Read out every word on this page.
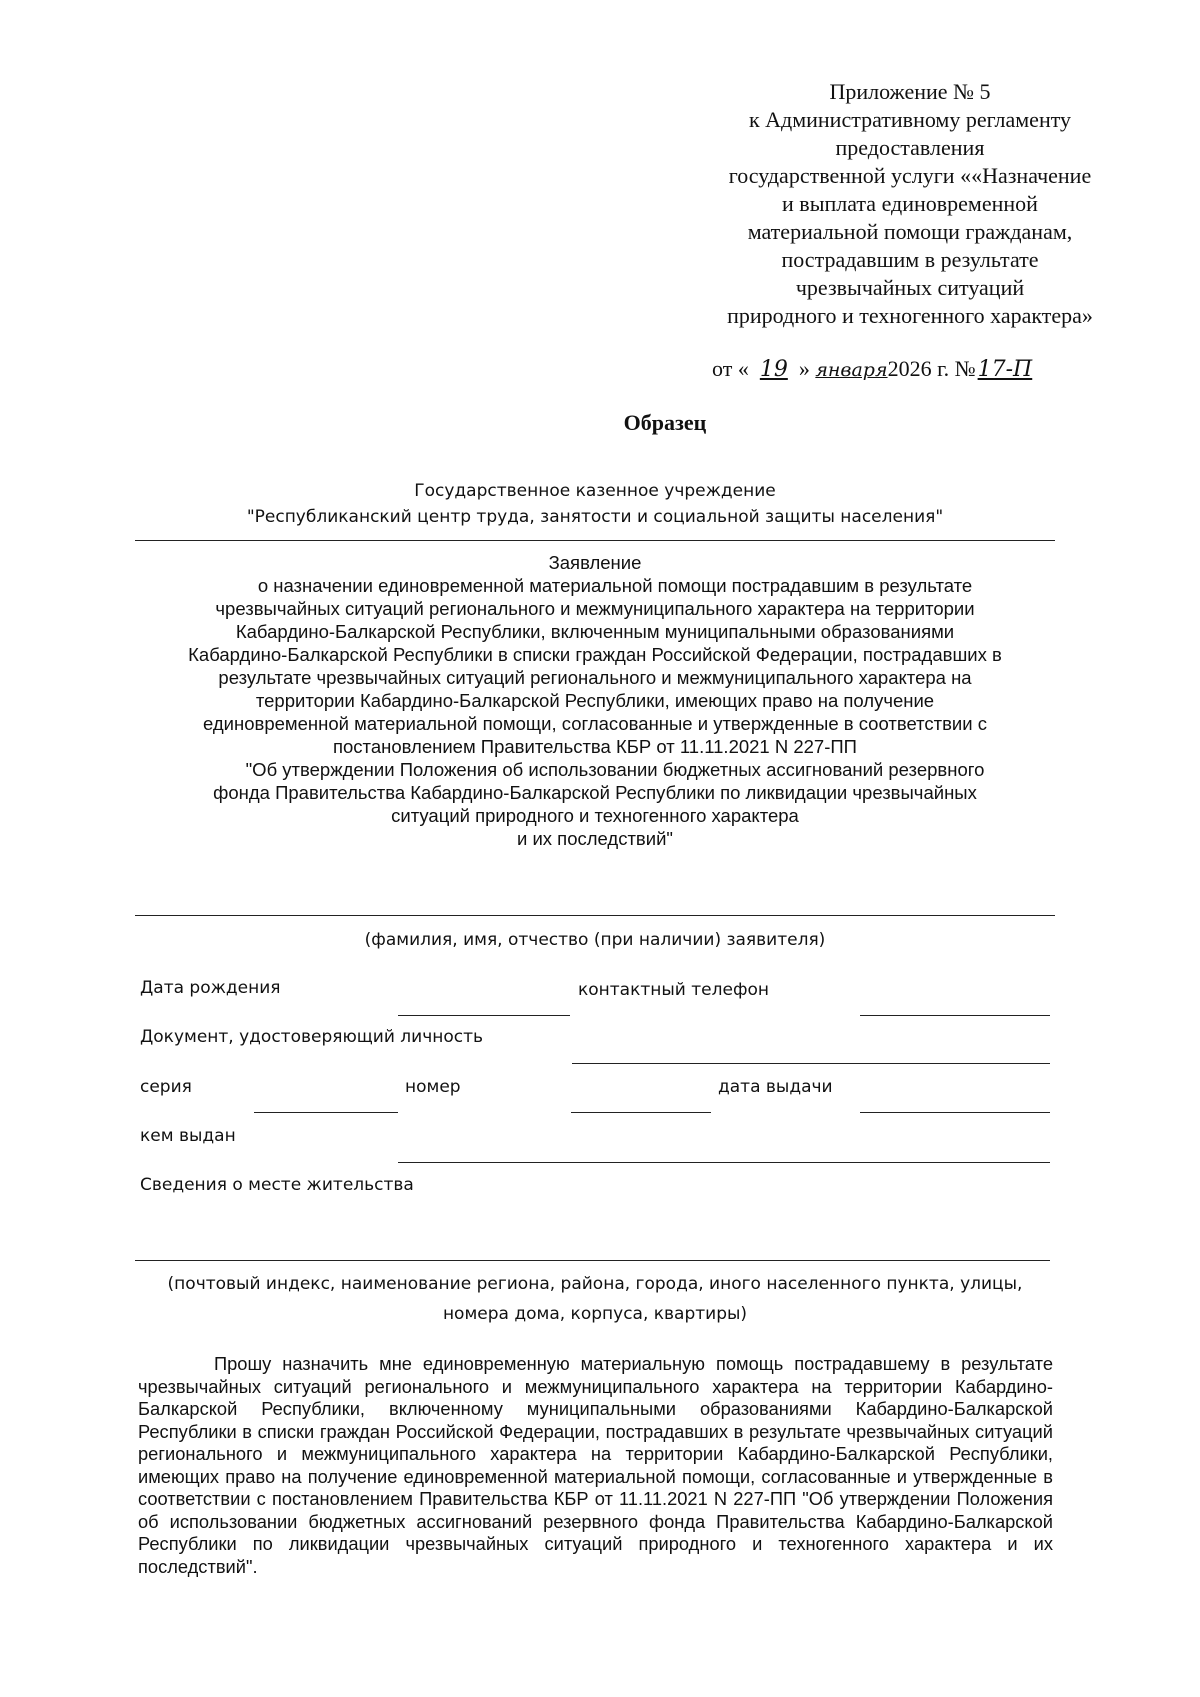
Приложение № 5
к Административному регламенту
предоставления
государственной услуги ««Назначение
и выплата единовременной
материальной помощи гражданам,
пострадавшим в результате
чрезвычайных ситуаций
природного и техногенного характера»
от « 19 » января2026 г. №17-П
Образец
Государственное казенное учреждение
"Республиканский центр труда, занятости и социальной защиты населения"
Заявление
о назначении единовременной материальной помощи пострадавшим в результате
чрезвычайных ситуаций регионального и межмуниципального характера на территории
Кабардино-Балкарской Республики, включенным муниципальными образованиями
Кабардино-Балкарской Республики в списки граждан Российской Федерации, пострадавших в
результате чрезвычайных ситуаций регионального и межмуниципального характера на
территории Кабардино-Балкарской Республики, имеющих право на получение
единовременной материальной помощи, согласованные и утвержденные в соответствии с
постановлением Правительства КБР от 11.11.2021 N 227-ПП
"Об утверждении Положения об использовании бюджетных ассигнований резервного
фонда Правительства Кабардино-Балкарской Республики по ликвидации чрезвычайных
ситуаций природного и техногенного характера
и их последствий"
(фамилия, имя, отчество (при наличии) заявителя)
Дата рождения	контактный телефон
Документ, удостоверяющий личность
серия	номер	дата выдачи
кем выдан
Сведения о месте жительства
(почтовый индекс, наименование региона, района, города, иного населенного пункта, улицы,
номера дома, корпуса, квартиры)
Прошу назначить мне единовременную материальную помощь пострадавшему в результате чрезвычайных ситуаций регионального и межмуниципального характера на территории Кабардино-Балкарской Республики, включенному муниципальными образованиями Кабардино-Балкарской Республики в списки граждан Российской Федерации, пострадавших в результате чрезвычайных ситуаций регионального и межмуниципального характера на территории Кабардино-Балкарской Республики, имеющих право на получение единовременной материальной помощи, согласованные и утвержденные в соответствии с постановлением Правительства КБР от 11.11.2021 N 227-ПП "Об утверждении Положения об использовании бюджетных ассигнований резервного фонда Правительства Кабардино-Балкарской Республики по ликвидации чрезвычайных ситуаций природного и техногенного характера и их последствий".
